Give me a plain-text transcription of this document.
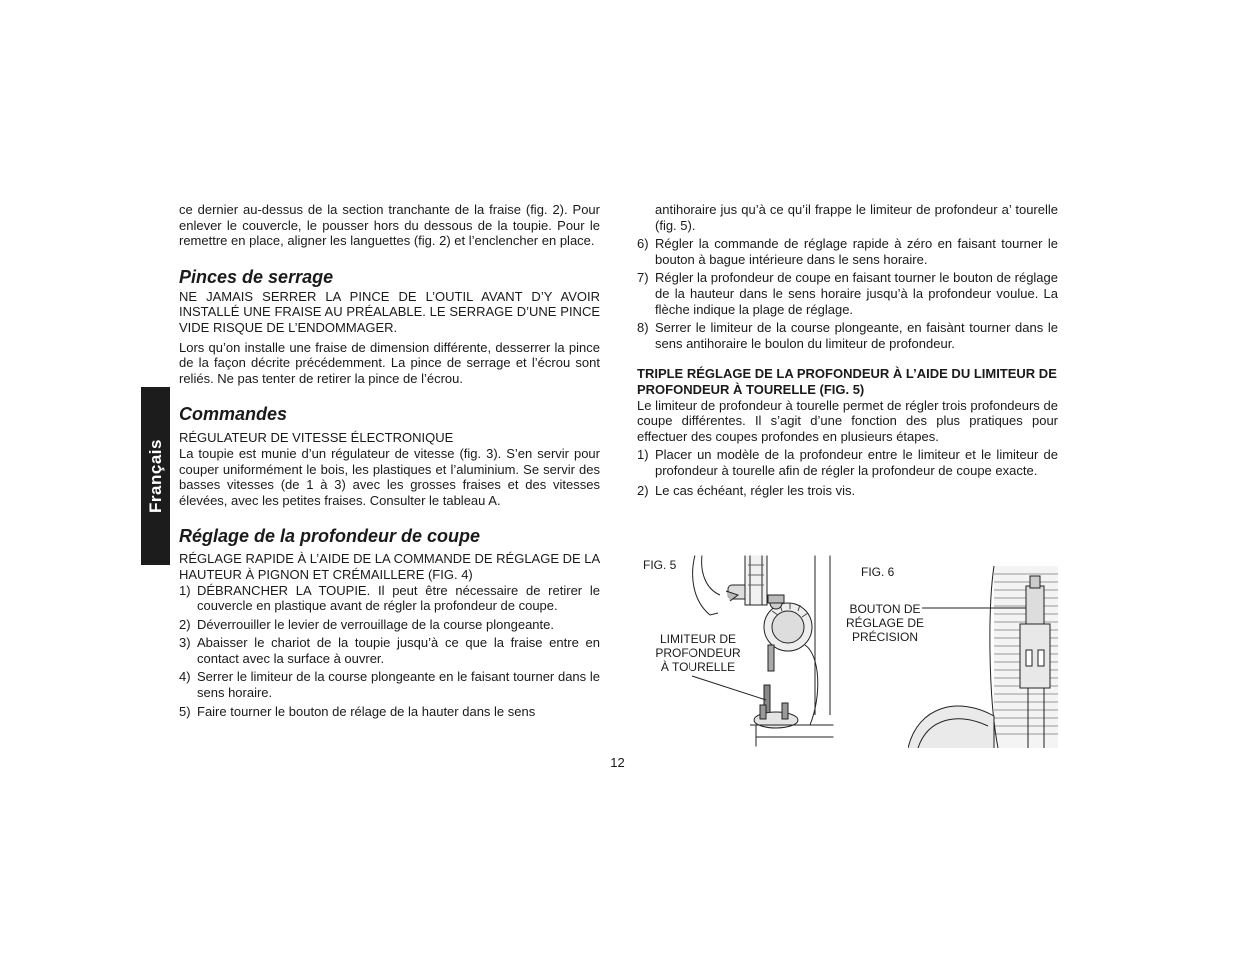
Français

ce dernier au-dessus de la section tranchante de la fraise (fig. 2). Pour enlever le couvercle, le pousser hors du dessous de la toupie. Pour le remettre en place, aligner les languettes (fig. 2) et l’enclencher en place.

Pinces de serrage

NE JAMAIS SERRER LA PINCE DE L’OUTIL AVANT D’Y AVOIR INSTALLÉ UNE FRAISE AU PRÉALABLE. LE SERRAGE D’UNE PINCE VIDE RISQUE DE L’ENDOMMAGER.

Lors qu’on installe une fraise de dimension différente, desserrer la pince de la façon décrite précédemment. La pince de serrage et l’écrou sont reliés. Ne pas tenter de retirer la pince de l’écrou.

Commandes

RÉGULATEUR DE VITESSE ÉLECTRONIQUE

La toupie est munie d’un régulateur de vitesse (fig. 3). S’en servir pour couper uniformément le bois, les plastiques et l’aluminium. Se servir des basses vitesses (de 1 à 3) avec les grosses fraises et des vitesses élevées, avec les petites fraises. Consulter le tableau A.

Réglage de la profondeur de coupe

RÉGLAGE RAPIDE À L’AIDE DE LA COMMANDE DE RÉGLAGE DE LA HAUTEUR À PIGNON ET CRÉMAILLERE (FIG. 4)

1) DÉBRANCHER LA TOUPIE. Il peut être nécessaire de retirer le couvercle en plastique avant de régler la profondeur de coupe.
2) Déverrouiller le levier de verrouillage de la course plongeante.
3) Abaisser le chariot de la toupie jusqu’à ce que la fraise entre en contact avec la surface à ouvrer.
4) Serrer le limiteur de la course plongeante en le faisant tourner dans le sens horaire.
5) Faire tourner le bouton de rélage de la hauter dans le sens

antihoraire jus qu’à ce qu’il frappe le limiteur de profondeur a’ tourelle (fig. 5).

6) Régler la commande de réglage rapide à zéro en faisant tourner le bouton à bague intérieure dans le sens horaire.
7) Régler la profondeur de coupe en faisant tourner le bouton de réglage de la hauteur dans le sens horaire jusqu’à la profondeur voulue. La flèche indique la plage de réglage.
8) Serrer le limiteur de la course plongeante, en faisànt tourner dans le sens antihoraire le boulon du limiteur de profondeur.

TRIPLE RÉGLAGE DE LA PROFONDEUR À L’AIDE DU LIMITEUR DE PROFONDEUR À TOURELLE (FIG. 5)

Le limiteur de profondeur à tourelle permet de régler trois profondeurs de coupe différentes. Il s’agit d’une fonction des plus pratiques pour effectuer des coupes profondes en plusieurs étapes.

1) Placer un modèle de la profondeur entre le limiteur et le limiteur de profondeur à tourelle afin de régler la profondeur de coupe exacte.
2) Le cas échéant, régler les trois vis.
FIG. 5
LIMITEUR DE
PROFONDEUR
À TOURELLE
FIG. 6
BOUTON DE
RÉGLAGE DE
PRÉCISION
12
